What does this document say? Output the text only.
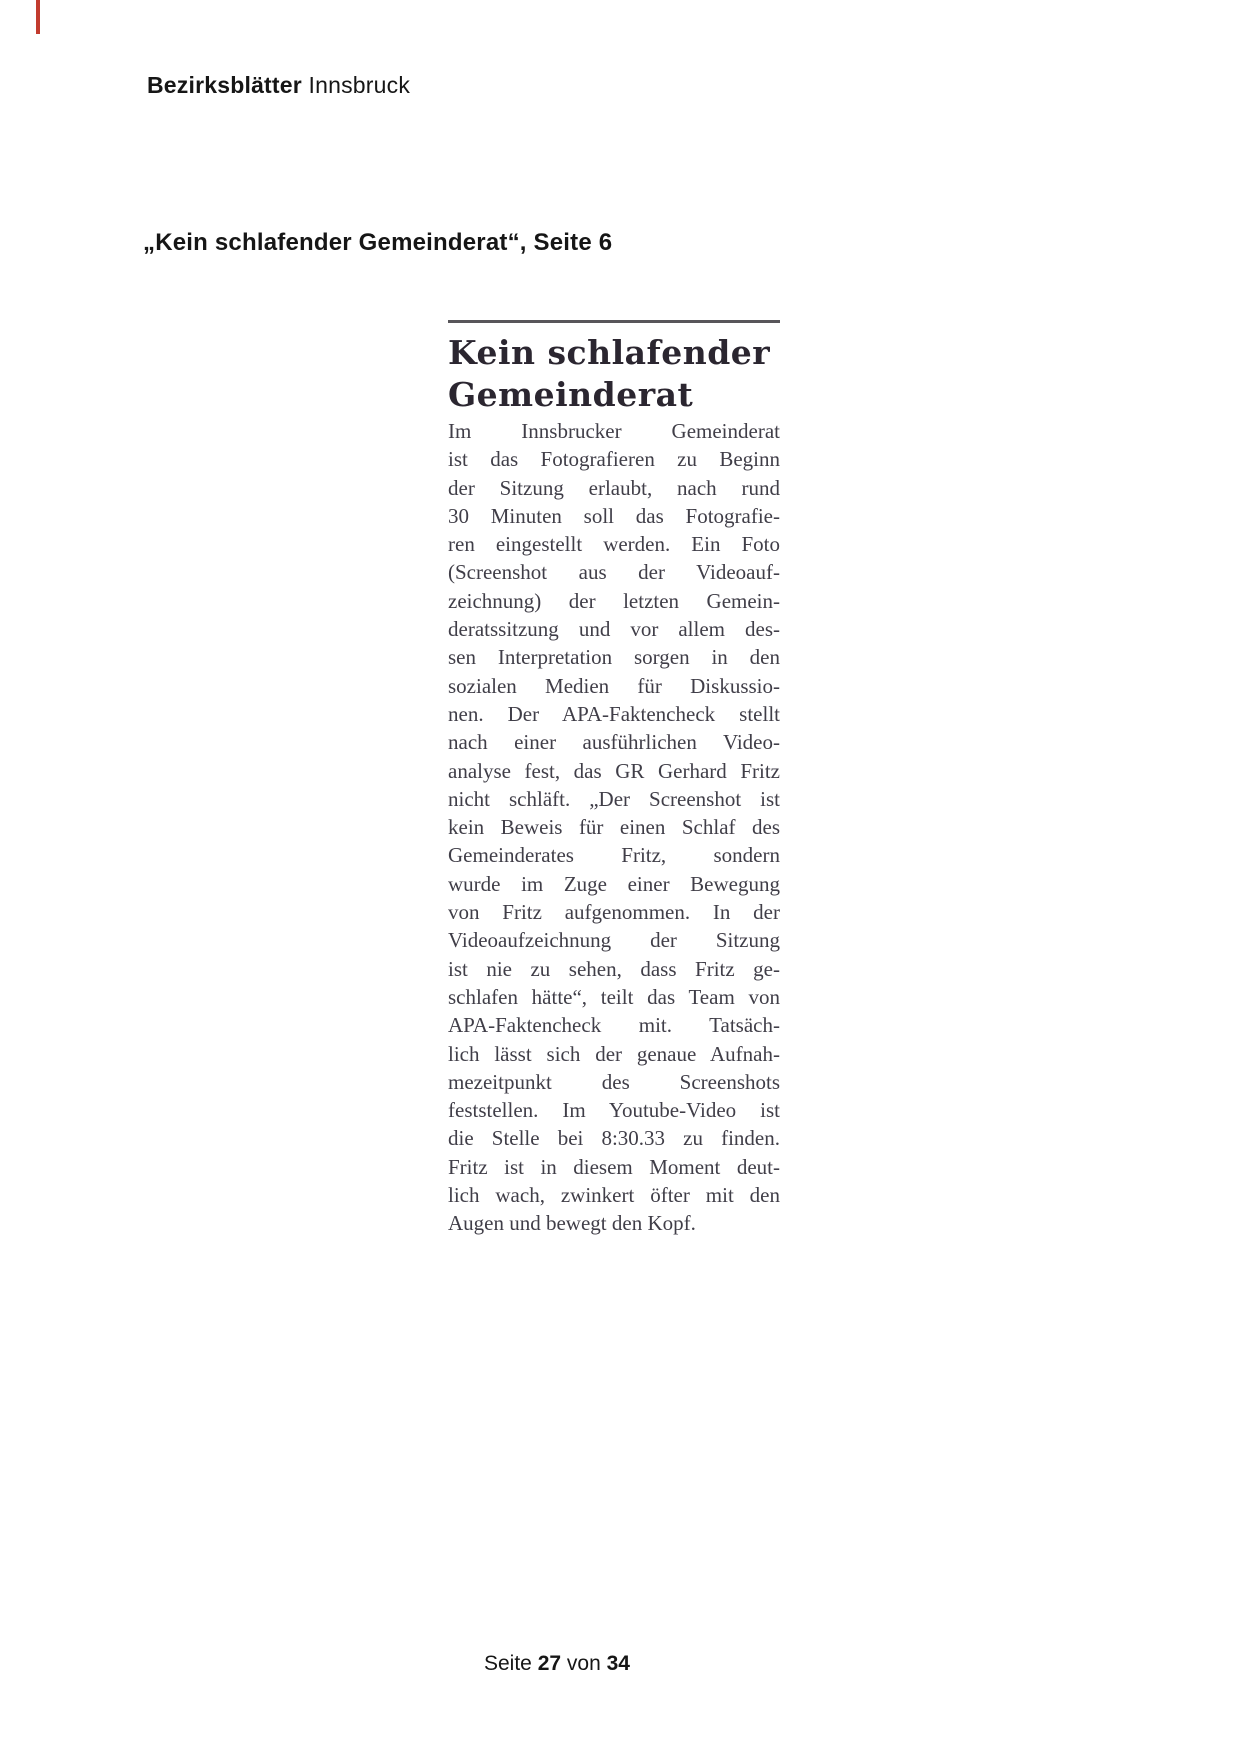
Bezirksblätter Innsbruck
„Kein schlafender Gemeinderat“, Seite 6
Kein schlafender
Gemeinderat
Im Innsbrucker Gemeinderat
ist das Fotografieren zu Beginn
der Sitzung erlaubt, nach rund
30 Minuten soll das Fotografie-
ren eingestellt werden. Ein Foto
(Screenshot aus der Videoauf-
zeichnung) der letzten Gemein-
deratssitzung und vor allem des-
sen Interpretation sorgen in den
sozialen Medien für Diskussio-
nen. Der APA-Faktencheck stellt
nach einer ausführlichen Video-
analyse fest, das GR Gerhard Fritz
nicht schläft. „Der Screenshot ist
kein Beweis für einen Schlaf des
Gemeinderates Fritz, sondern
wurde im Zuge einer Bewegung
von Fritz aufgenommen. In der
Videoaufzeichnung der Sitzung
ist nie zu sehen, dass Fritz ge-
schlafen hätte“, teilt das Team von
APA-Faktencheck mit. Tatsäch-
lich lässt sich der genaue Aufnah-
mezeitpunkt des Screenshots
feststellen. Im Youtube-Video ist
die Stelle bei 8:30.33 zu finden.
Fritz ist in diesem Moment deut-
lich wach, zwinkert öfter mit den
Augen und bewegt den Kopf.
Seite 27 von 34
